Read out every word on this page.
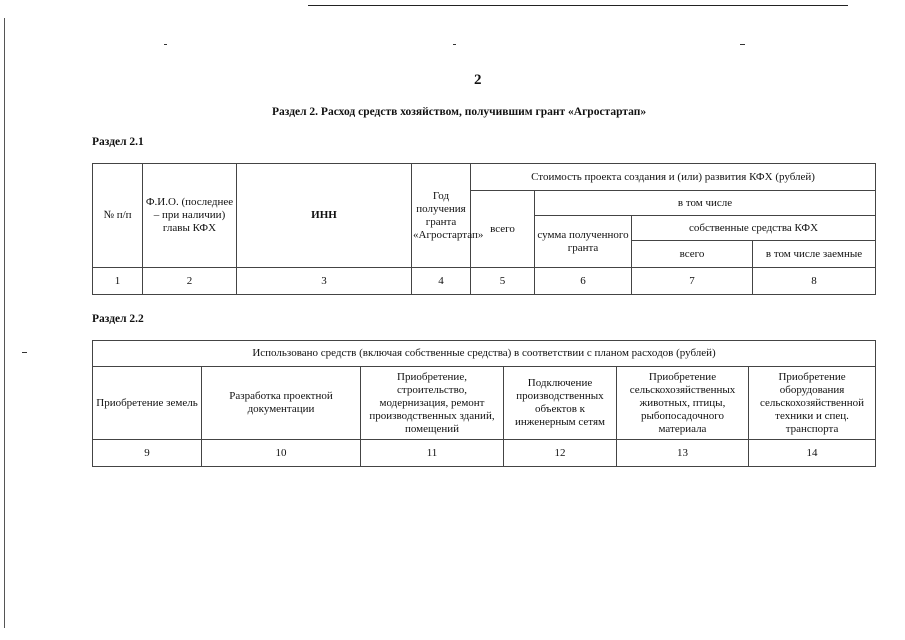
2
Раздел 2. Расход средств хозяйством, получившим грант «Агростартап»
Раздел 2.1
№ п/п	Ф.И.О. (последнее – при наличии) главы КФХ	ИНН	Год получения гранта «Агростартап»	Стоимость проекта создания и (или) развития КФХ (рублей)			
				всего	в том числе		
					сумма полученного гранта	собственные средства КФХ	
						всего	в том числе заемные
1	2	3	4	5	6	7	8
Раздел 2.2
Использовано средств (включая собственные средства) в соответствии с планом расходов (рублей)					
Приобретение земель	Разработка проектной документации	Приобретение, строительство, модернизация, ремонт производственных зданий, помещений	Подключение производственных объектов к инженерным сетям	Приобретение сельскохозяйственных животных, птицы, рыбопосадочного материала	Приобретение оборудования сельскохозяйственной техники и спец. транспорта
9	10	11	12	13	14
